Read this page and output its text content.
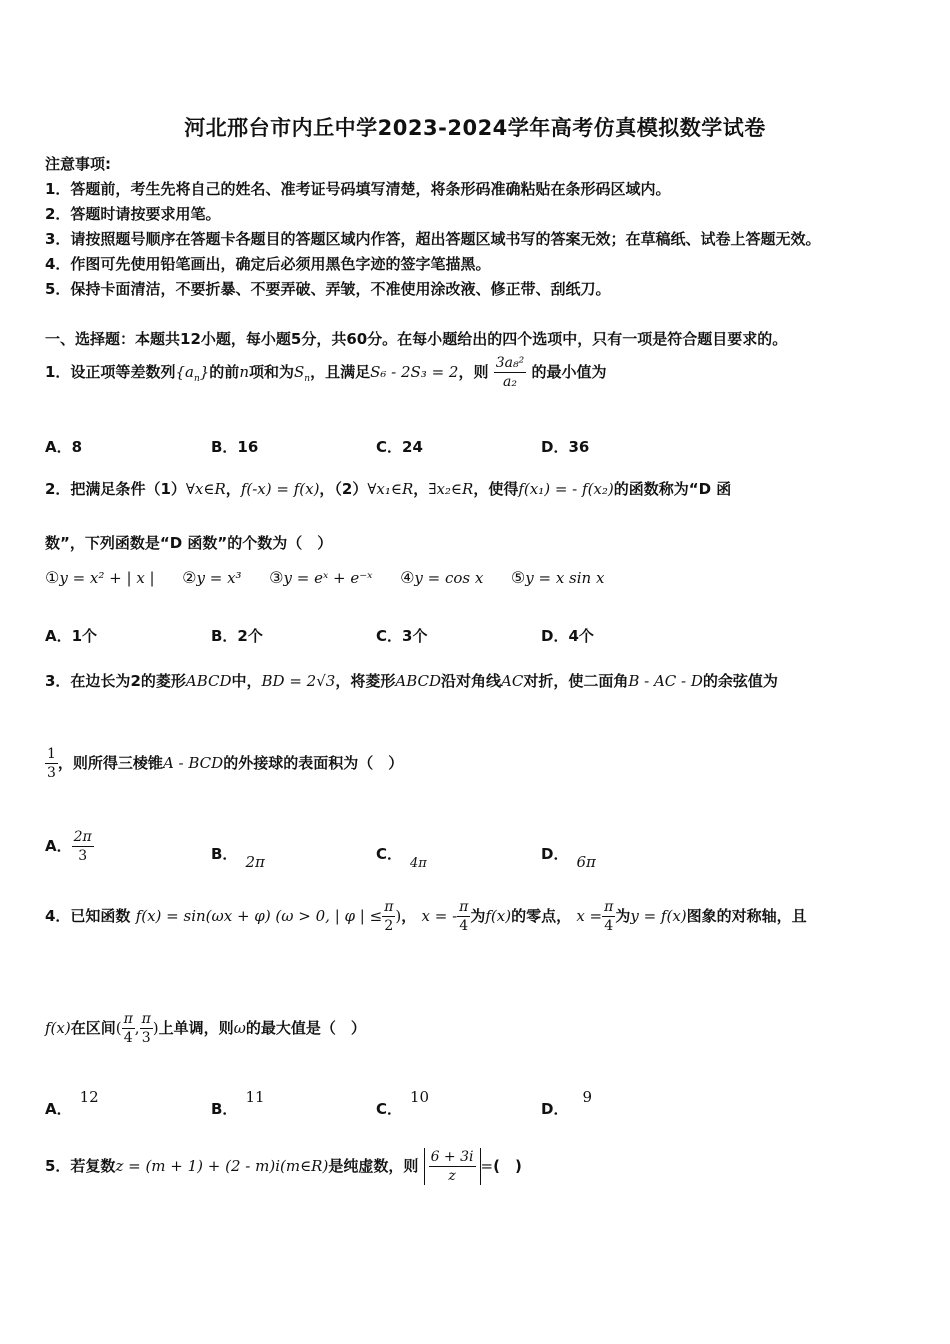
河北邢台市内丘中学2023-2024学年高考仿真模拟数学试卷
注意事项:
1．答题前，考生先将自己的姓名、准考证号码填写清楚，将条形码准确粘贴在条形码区域内。
2．答题时请按要求用笔。
3．请按照题号顺序在答题卡各题目的答题区域内作答，超出答题区域书写的答案无效；在草稿纸、试卷上答题无效。
4．作图可先使用铅笔画出，确定后必须用黑色字迹的签字笔描黑。
5．保持卡面清洁，不要折暴、不要弄破、弄皱，不准使用涂改液、修正带、刮纸刀。
一、选择题：本题共12小题，每小题5分，共60分。在每小题给出的四个选项中，只有一项是符合题目要求的。
1．设正项等差数列$\{a_n\}$的前n项和为$S_n$，且满足S₆ - 2S₃ = 2，则 $\frac{\text{3a₈²}}{\text{a₂}}$ 的最小值为
A．8	B．16	C．24	D．36
2．把满足条件（1）∀x∈R，f(-x) = f(x)，（2）∀x₁∈R，∃x₂∈R，使得f(x₁) = - f(x₂)的函数称为“D 函
数”，下列函数是“D 函数”的个数为（　）
①y = x² + | x | ②y = x³ ③y = eˣ + e⁻ˣ ④y = cos x ⑤y = x sin x
A．1个	B．2个	C．3个	D．4个
3．在边长为2的菱形ABCD中，BD = 2√3，将菱形ABCD沿对角线AC对折，使二面角B - AC - D的余弦值为
$\frac{1}{3}$ ，则所得三棱锥A - BCD的外接球的表面积为（　）
A． $\frac{2\pi}{3}$	B． 2π	C．4π
D． 6π
4．已知函数 f(x) = sin(ωx + φ) (ω > 0, | φ | ≤ $\frac{\pi}{2}$ )， x = - $\frac{\pi}{4}$ 为f(x)的零点， $x = \frac{\pi}{4}$ 为y = f(x)图象的对称轴，且
f(x)在区间( $\frac{\pi}{4}$ , $\frac{\pi}{3}$ )上单调，则ω的最大值是（　）
A．12
B．11
C．10
D．9
5．若复数z = (m + 1) + (2 - m)i(m∈R)是纯虚数，则 $\frac{6 + 3i}{z}$ =(　)
